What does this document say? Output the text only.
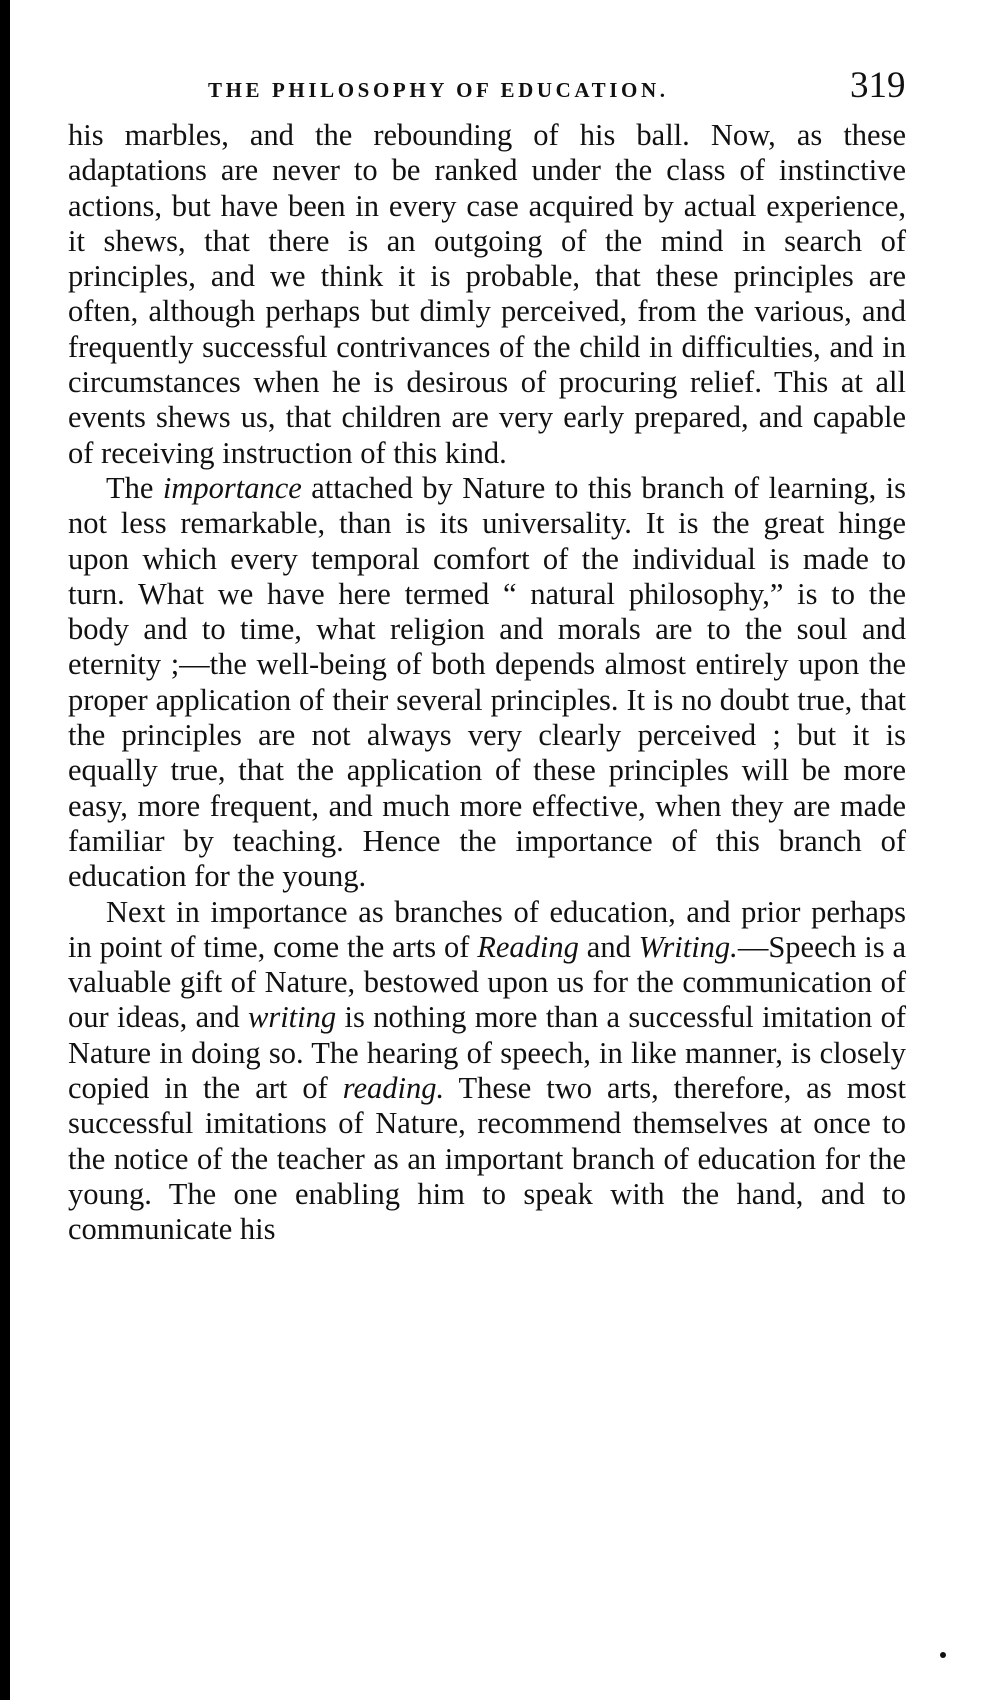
THE PHILOSOPHY OF EDUCATION.	319

his marbles, and the rebounding of his ball. Now, as these adaptations are never to be ranked under the class of instinctive actions, but have been in every case acquired by actual experience, it shews, that there is an outgoing of the mind in search of principles, and we think it is probable, that these principles are often, although perhaps but dimly perceived, from the various, and frequently successful contrivances of the child in difficulties, and in circumstances when he is desirous of procuring relief. This at all events shews us, that children are very early prepared, and capable of receiving instruction of this kind.

The importance attached by Nature to this branch of learning, is not less remarkable, than is its universality. It is the great hinge upon which every temporal comfort of the individual is made to turn. What we have here termed “ natural philosophy,” is to the body and to time, what religion and morals are to the soul and eternity ;—the well-being of both depends almost entirely upon the proper application of their several principles. It is no doubt true, that the principles are not always very clearly perceived ; but it is equally true, that the application of these principles will be more easy, more frequent, and much more effective, when they are made familiar by teaching. Hence the importance of this branch of education for the young.

Next in importance as branches of education, and prior perhaps in point of time, come the arts of Reading and Writing.—Speech is a valuable gift of Nature, bestowed upon us for the communication of our ideas, and writing is nothing more than a successful imitation of Nature in doing so. The hearing of speech, in like manner, is closely copied in the art of reading. These two arts, therefore, as most successful imitations of Nature, recommend themselves at once to the notice of the teacher as an important branch of education for the young. The one enabling him to speak with the hand, and to communicate his
